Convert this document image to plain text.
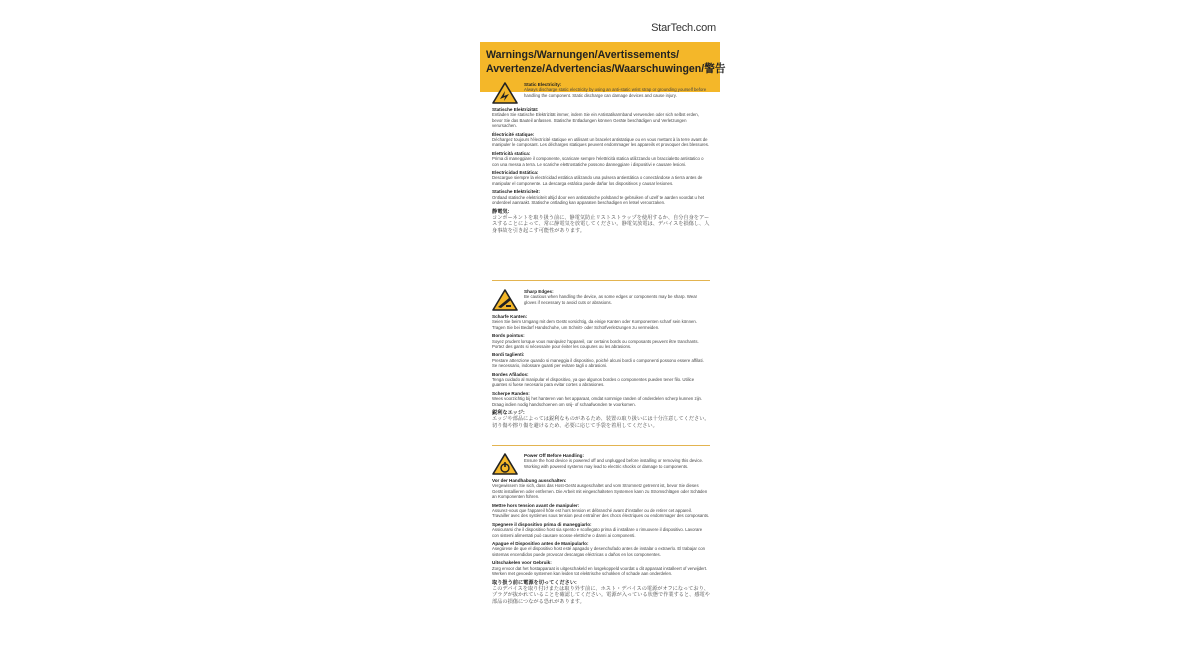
StarTech.com
Warnings/Warnungen/Avertissements/
Avvertenze/Advertencias/Waarschuwingen/警告
Static Electricity:
Always discharge static electricity by using an anti-static wrist strap or grounding yourself before handling the component. Static discharge can damage devices and cause injury.
Statische Elektrizität:
Entladen Sie statische Elektrizität immer, indem Sie ein Antistatikarmband verwenden oder sich selbst erden, bevor Sie das Bauteil anfassen. Statische Entladungen können Geräte beschädigen und Verletzungen verursachen.
Électricité statique:
Déchargez toujours l'électricité statique en utilisant un bracelet antistatique ou en vous mettant à la terre avant de manipuler le composant. Les décharges statiques peuvent endommager les appareils et provoquer des blessures.
Elettricità statica:
Prima di maneggiare il componente, scaricare sempre l'elettricità statica utilizzando un braccialetto antistatico o con una messa a terra. Le scariche elettrostatiche possono danneggiare i dispositivi e causare lesioni.
Electricidad Estática:
Descargue siempre la electricidad estática utilizando una pulsera antiestática o conectándose a tierra antes de manipular el componente. La descarga estática puede dañar los dispositivos y causar lesiones.
Statische Elektriciteit:
Ontlaad statische elektriciteit altijd door een antistatische polsband te gebruiken of uzelf te aarden voordat u het onderdeel aanraakt. Statische ontlading kan apparaten beschadigen en letsel veroorzaken.
静電気:
コンポーネントを取り扱う前に、静電気防止リストストラップを使用するか、自分自身をアースすることによって、常に静電気を放電してください。静電気放電は、デバイスを損傷し、人身事故を引き起こす可能性があります。
Sharp Edges:
Be cautious when handling the device, as some edges or components may be sharp. Wear gloves if necessary to avoid cuts or abrasions.
Scharfe Kanten:
Seien Sie beim Umgang mit dem Gerät vorsichtig, da einige Kanten oder Komponenten scharf sein können. Tragen Sie bei Bedarf Handschuhe, um Schnitt- oder Schürfverletzungen zu vermeiden.
Bords pointus:
Soyez prudent lorsque vous manipulez l'appareil, car certains bords ou composants peuvent être tranchants. Portez des gants si nécessaire pour éviter les coupures ou les abrasions.
Bordi taglienti:
Prestare attenzione quando si maneggia il dispositivo, poiché alcuni bordi o componenti possono essere affilati. Se necessario, indossare guanti per evitare tagli o abrasioni.
Bordes Afilados:
Tenga cuidado al manipular el dispositivo, ya que algunos bordes o componentes pueden tener filo. Utilice guantes si fuese necesario para evitar cortes o abrasiones.
Scherpe Randen:
Wees voorzichtig bij het hanteren van het apparaat, omdat sommige randen of onderdelen scherp kunnen zijn. Draag indien nodig handschoenen om snij- of schaafwonden te voorkomen.
鋭利なエッジ:
エッジや部品によっては鋭利なものがあるため、装置の取り扱いには十分注意してください。切り傷や擦り傷を避けるため、必要に応じて手袋を着用してください。
Power Off Before Handling:
Ensure the host device is powered off and unplugged before installing or removing this device. Working with powered systems may lead to electric shocks or damage to components.
Vor der Handhabung ausschalten:
Vergewissern Sie sich, dass das Host-Gerät ausgeschaltet und vom Stromnetz getrennt ist, bevor Sie dieses Gerät installieren oder entfernen. Die Arbeit mit eingeschalteten Systemen kann zu Stromschlägen oder Schäden an Komponenten führen.
Mettre hors tension avant de manipuler:
Assurez-vous que l'appareil hôte est hors tension et débranché avant d'installer ou de retirer cet appareil. Travailler avec des systèmes sous tension peut entraîner des chocs électriques ou endommager des composants.
Spegnere il dispositivo prima di maneggiarlo:
Assicurarsi che il dispositivo host sia spento e scollegato prima di installare o rimuovere il dispositivo. Lavorare con sistemi alimentati può causare scosse elettriche o danni ai componenti.
Apague el Dispositivo antes de Manipularlo:
Asegúrese de que el dispositivo host esté apagado y desenchufado antes de instalar o extraerlo. El trabajar con sistemas encendidos puede provocar descargas eléctricas o daños en los componentes.
Uitschakelen voor Gebruik:
Zorg ervoor dat het hostapparaat is uitgeschakeld en losgekoppeld voordat u dit apparaat installeert of verwijdert. Werken met gevoede systemen kan leiden tot elektrische schokken of schade aan onderdelen.
取り扱う前に電源を切ってください:
このデバイスを取り付けまたは取り外す前に、ホスト・デバイスの電源がオフになっており、プラグが抜かれていることを確認してください。電源が入っている状態で作業すると、感電や部品の損傷につながる恐れがあります。
